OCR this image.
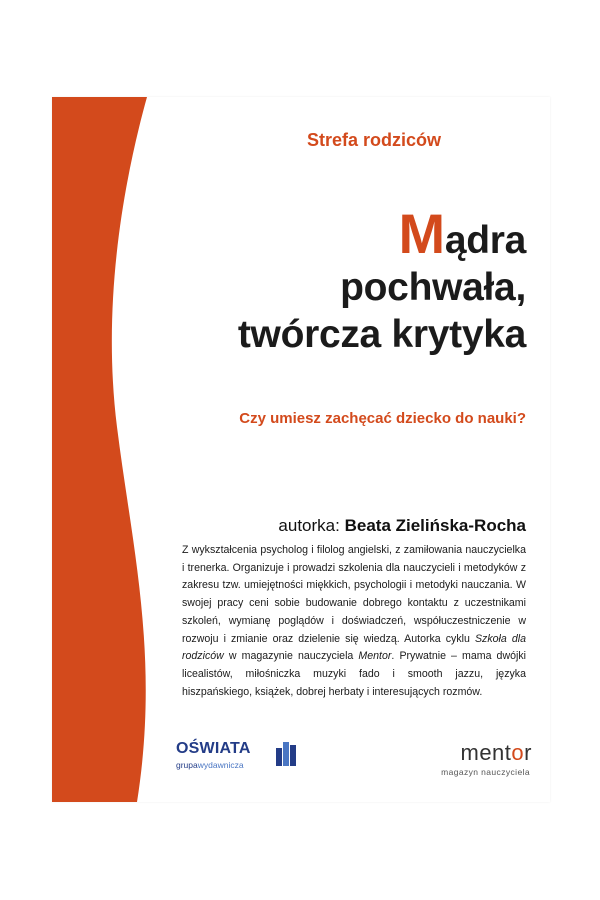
Strefa rodziców
Mądra
pochwała,
twórcza krytyka
Czy umiesz zachęcać dziecko do nauki?
autorka: Beata Zielińska-Rocha

Z wykształcenia psycholog i filolog angielski, z zamiłowania nauczycielka i trenerka. Organizuje i prowadzi szkolenia dla nauczycieli i metodyków z zakresu tzw. umiejętności miękkich, psychologii i metodyki nauczania. W swojej pracy ceni sobie budowanie dobrego kontaktu z uczestnikami szkoleń, wymianę poglądów i doświadczeń, współuczestniczenie w rozwoju i zmianie oraz dzielenie się wiedzą. Autorka cyklu Szkoła dla rodziców w magazynie nauczyciela Mentor. Prywatnie – mama dwójki licealistów, miłośniczka muzyki fado i smooth jazzu, języka hiszpańskiego, książek, dobrej herbaty i interesujących rozmów.

OŚWIATA
grupawydawnicza	mentor
magazyn nauczyciela
